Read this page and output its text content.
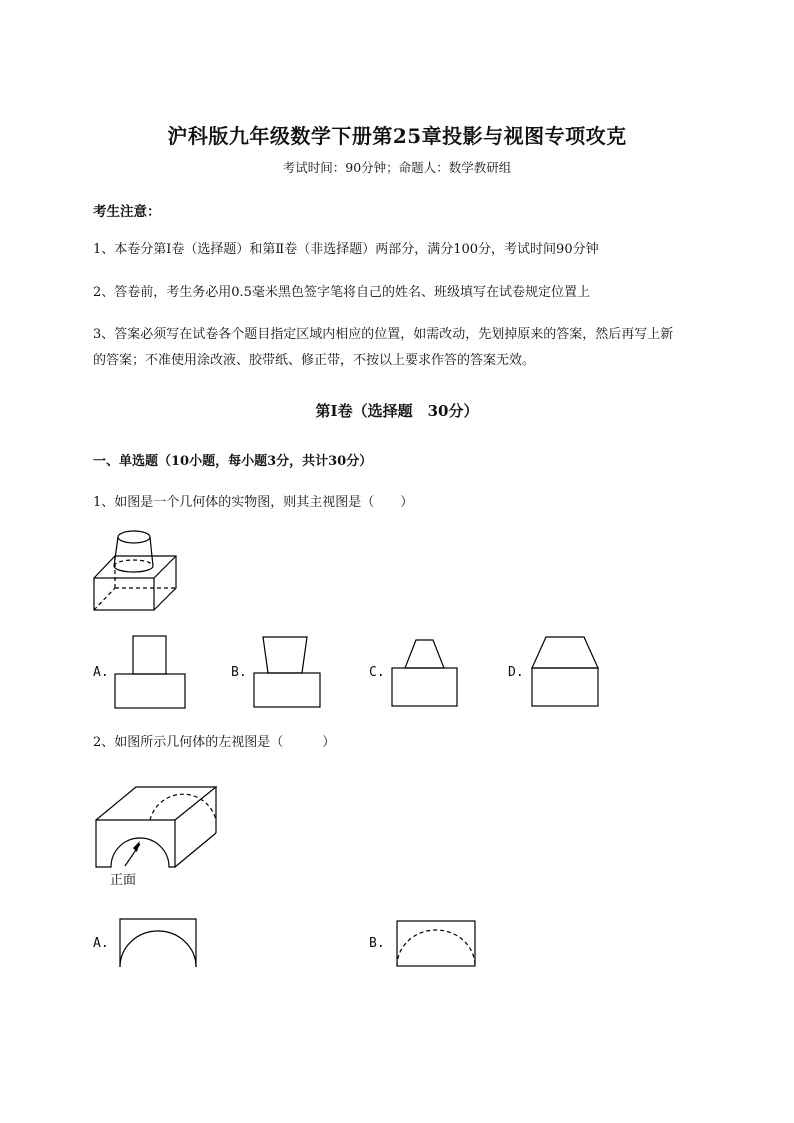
沪科版九年级数学下册第25章投影与视图专项攻克
考试时间：90分钟；命题人：数学教研组
考生注意：
1、本卷分第I卷（选择题）和第Ⅱ卷（非选择题）两部分，满分100分，考试时间90分钟
2、答卷前，考生务必用0.5毫米黑色签字笔将自己的姓名、班级填写在试卷规定位置上
3、答案必须写在试卷各个题目指定区域内相应的位置，如需改动，先划掉原来的答案，然后再写上新
的答案；不准使用涂改液、胶带纸、修正带，不按以上要求作答的答案无效。
第I卷（选择题　30分）
一、单选题（10小题，每小题3分，共计30分）
1、如图是一个几何体的实物图，则其主视图是（　　）
A.	B.	C.	D.
2、如图所示几何体的左视图是（　　　）
正面
A.	B.
